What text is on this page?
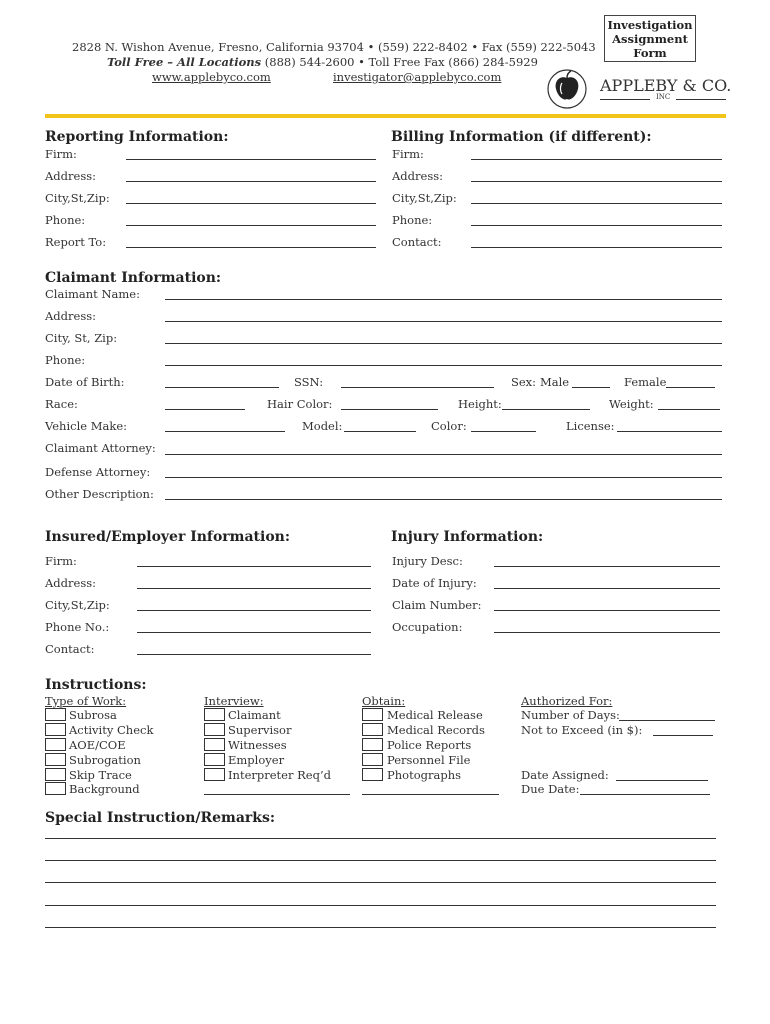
2828 N. Wishon Avenue, Fresno, California 93704 • (559) 222-8402 • Fax (559) 222-5043
Toll Free – All Locations (888) 544-2600 • Toll Free Fax (866) 284-5929
www.applebyco.com	investigator@applebyco.com
Investigation
Assignment
Form
APPLEBY & CO.
INC
Reporting Information:
Firm:
Address:
City,St,Zip:
Phone:
Report To:
Billing Information (if different):
Firm:
Address:
City,St,Zip:
Phone:
Contact:
Claimant Information:
Claimant Name:
Address:
City, St, Zip:
Phone:
Date of Birth:	SSN:	Sex: Male	Female
Race:	Hair Color:	Height:	Weight:
Vehicle Make:	Model:	Color:	License:
Claimant Attorney:
Defense Attorney:
Other Description:
Insured/Employer Information:
Firm:
Address:
City,St,Zip:
Phone No.:
Contact:
Injury Information:
Injury Desc:
Date of Injury:
Claim Number:
Occupation:
Instructions:
Type of Work:
Subrosa
Activity Check
AOE/COE
Subrogation
Skip Trace
Background
Interview:
Claimant
Supervisor
Witnesses
Employer
Interpreter Req’d
Obtain:
Medical Release
Medical Records
Police Reports
Personnel File
Photographs
Authorized For:
Number of Days:
Not to Exceed (in $):
Date Assigned:
Due Date:
Special Instruction/Remarks:
